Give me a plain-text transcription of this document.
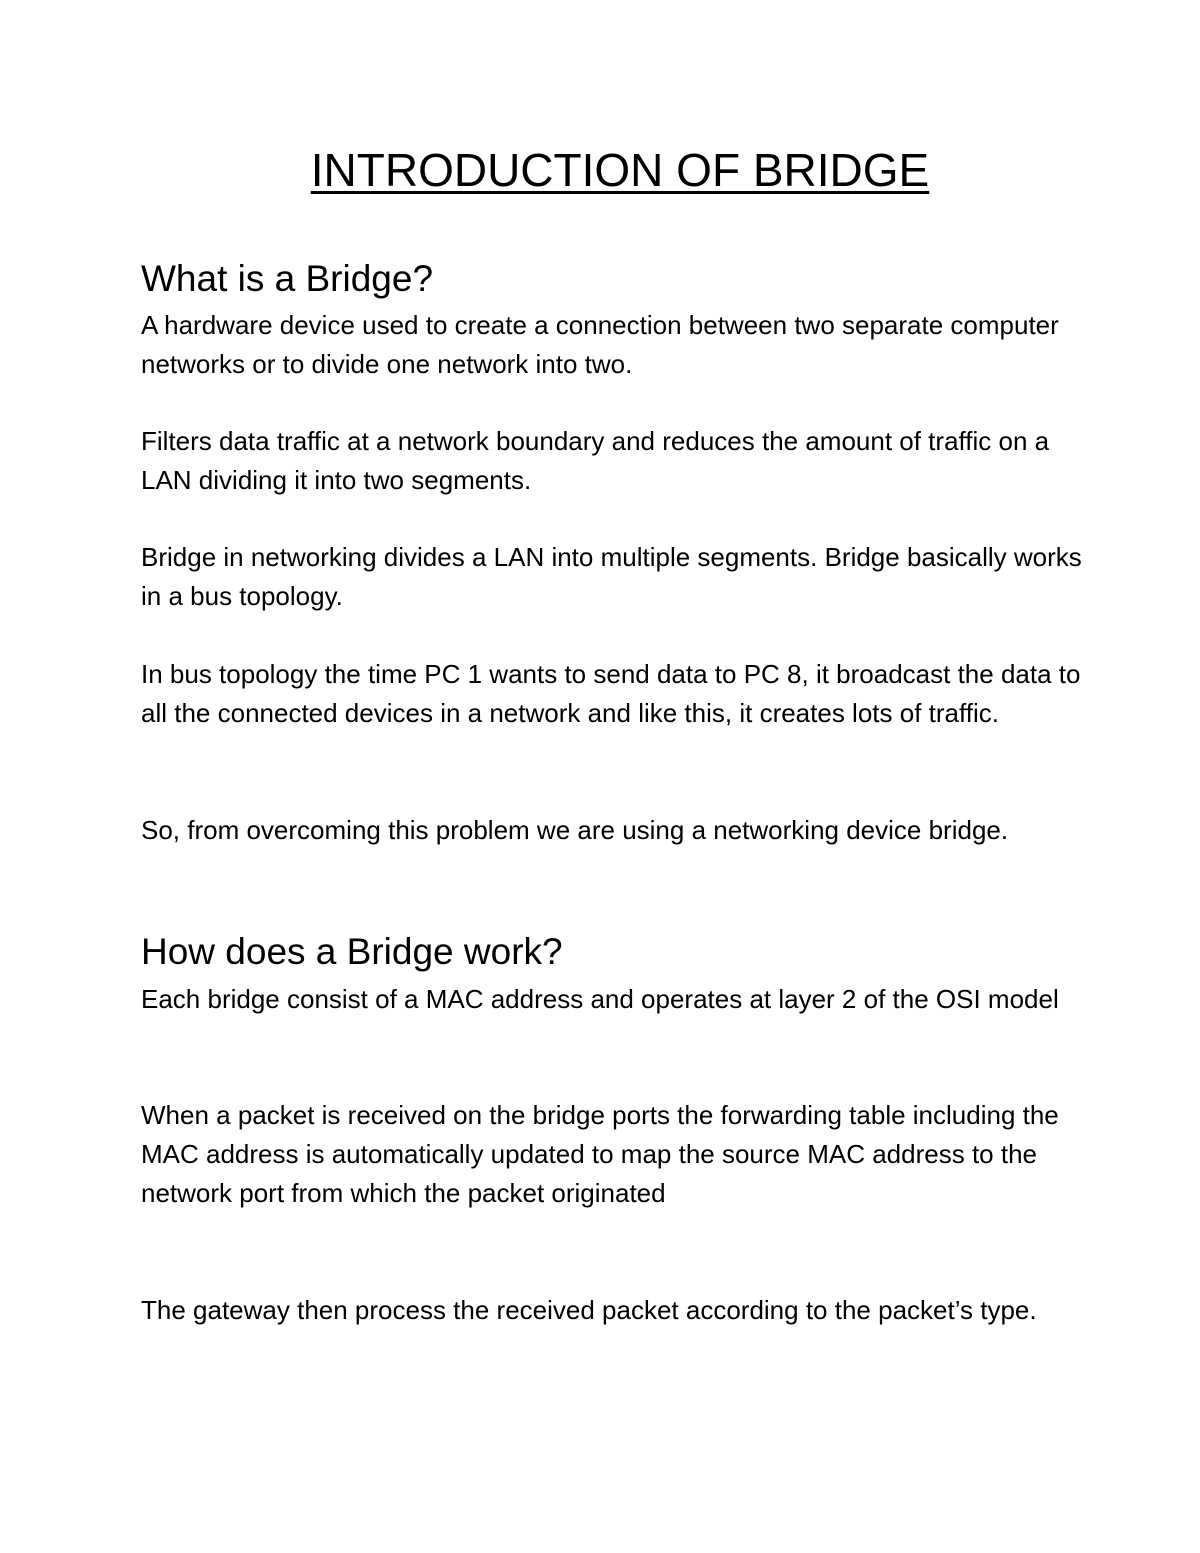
INTRODUCTION OF BRIDGE
What is a Bridge?

A hardware device used to create a connection between two separate computer networks or to divide one network into two.

Filters data traffic at a network boundary and reduces the amount of traffic on a LAN dividing it into two segments.

Bridge in networking divides a LAN into multiple segments. Bridge basically works in a bus topology.

In bus topology the time PC 1 wants to send data to PC 8, it broadcast the data to all the connected devices in a network and like this, it creates lots of traffic.

So, from overcoming this problem we are using a networking device bridge.

How does a Bridge work?

Each bridge consist of a MAC address and operates at layer 2 of the OSI model

When a packet is received on the bridge ports the forwarding table including the MAC address is automatically updated to map the source MAC address to the network port from which the packet originated

The gateway then process the received packet according to the packet’s type.
